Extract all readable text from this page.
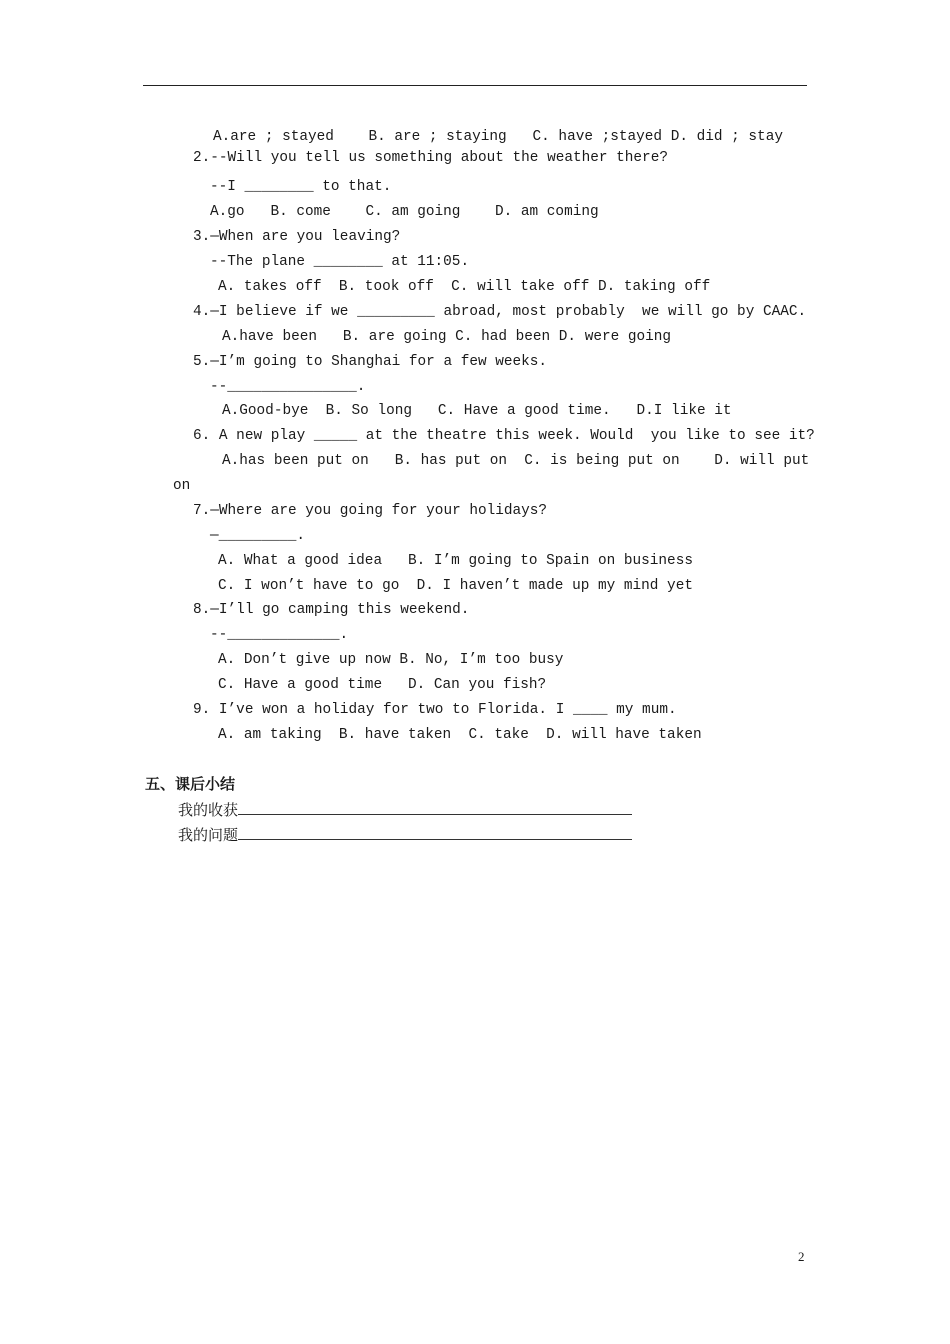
A.are ; stayed    B. are ; staying   C. have ;stayed D. did ; stay
2.--Will you tell us something about the weather there?
--I ________ to that.
A.go   B. come    C. am going    D. am coming
3.—When are you leaving?
--The plane ________ at 11:05.
A. takes off  B. took off  C. will take off D. taking off
4.—I believe if we _________ abroad, most probably  we will go by CAAC.
A.have been   B. are going C. had been D. were going
5.—I’m going to Shanghai for a few weeks.
--_______________.
A.Good-bye  B. So long   C. Have a good time.   D.I like it
6. A new play _____ at the theatre this week. Would  you like to see it?
A.has been put on   B. has put on  C. is being put on    D. will put
on
7.—Where are you going for your holidays?
—_________.
A. What a good idea   B. I’m going to Spain on business
C. I won’t have to go  D. I haven’t made up my mind yet
8.—I’ll go camping this weekend.
--_____________.
A. Don’t give up now B. No, I’m too busy
C. Have a good time   D. Can you fish?
9. I’ve won a holiday for two to Florida. I ____ my mum.
A. am taking  B. have taken  C. take  D. will have taken
五、课后小结
我的收获
我的问题
2
